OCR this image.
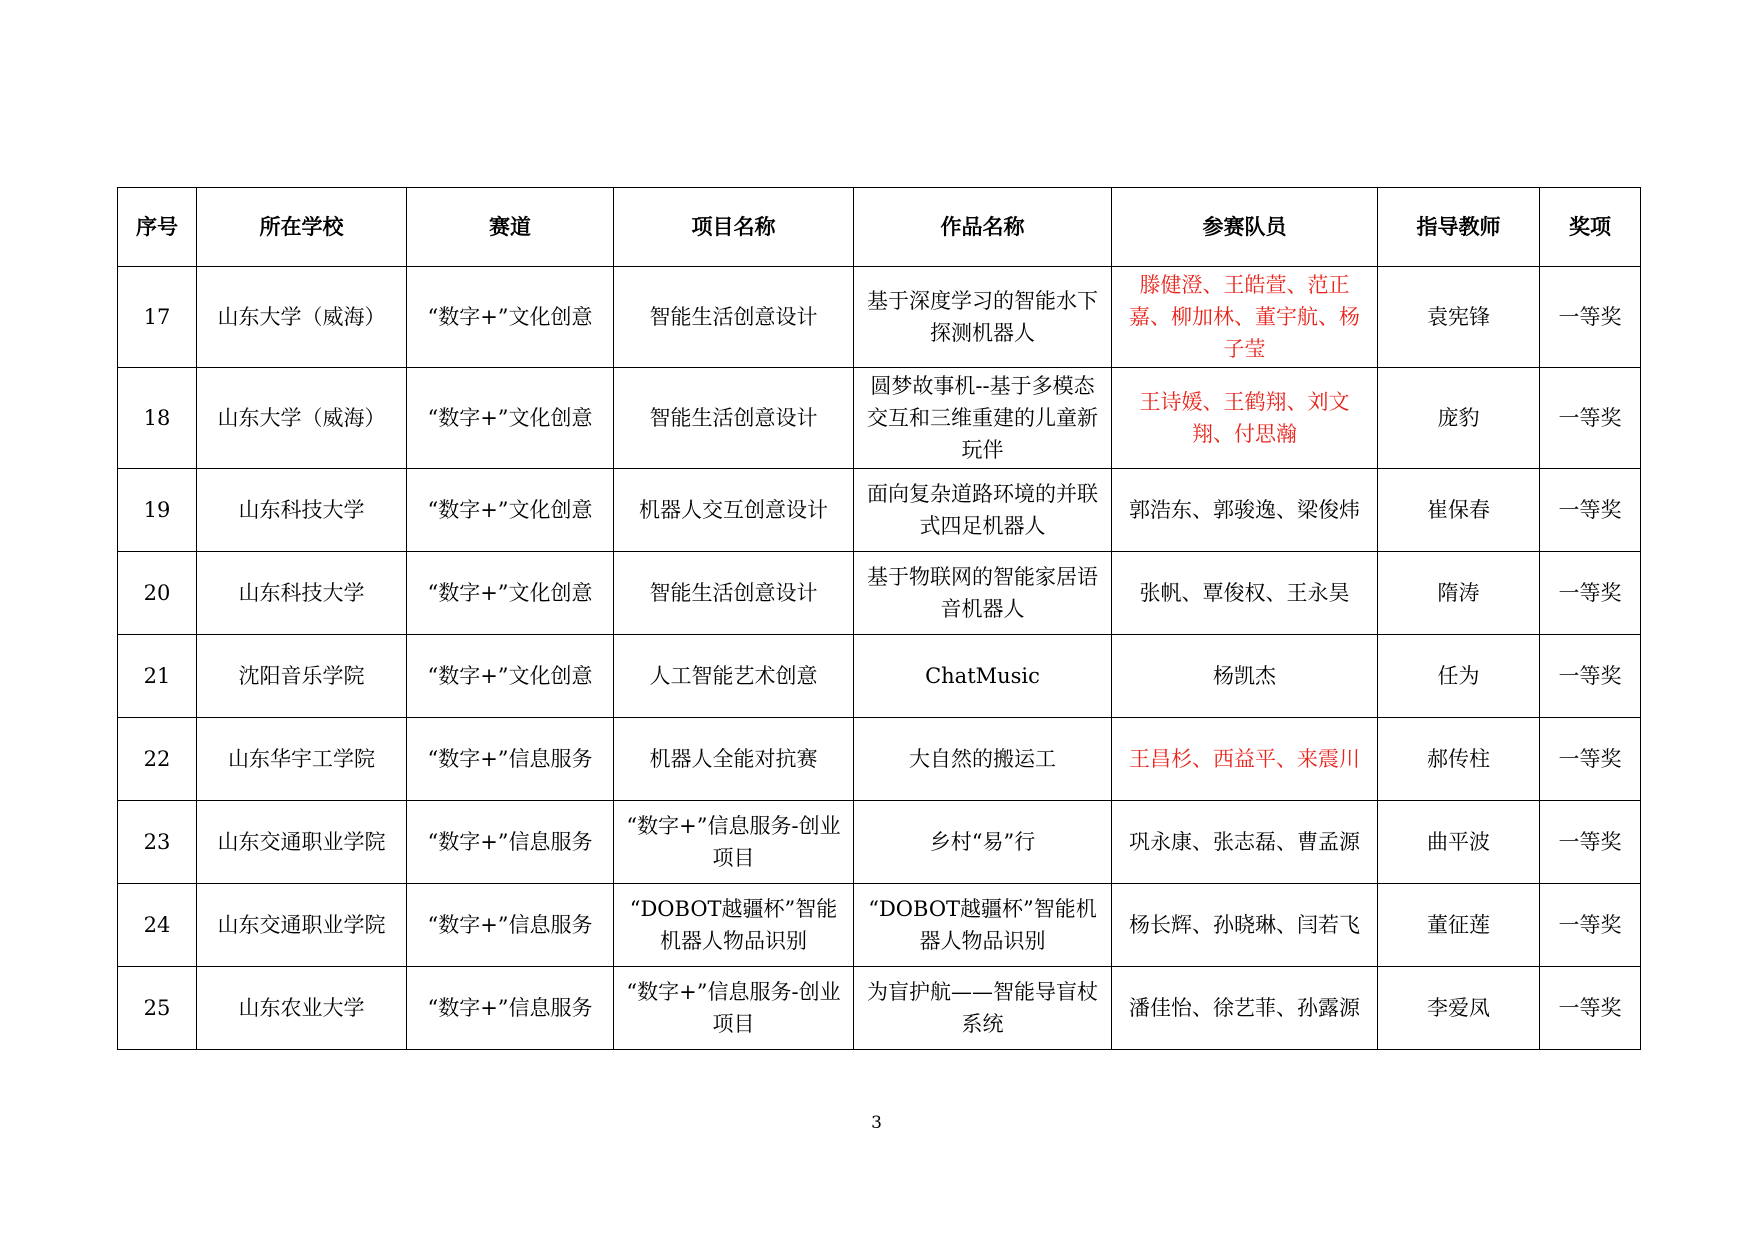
序号	所在学校	赛道	项目名称	作品名称	参赛队员	指导教师	奖项
17	山东大学（威海）	“数字+”文化创意	智能生活创意设计	基于深度学习的智能水下探测机器人	滕健澄、王皓萱、范正嘉、柳加林、董宇航、杨子莹	袁宪锋	一等奖
18	山东大学（威海）	“数字+”文化创意	智能生活创意设计	圆梦故事机--基于多模态交互和三维重建的儿童新玩伴	王诗媛、王鹤翔、刘文翔、付思瀚	庞豹	一等奖
19	山东科技大学	“数字+”文化创意	机器人交互创意设计	面向复杂道路环境的并联式四足机器人	郭浩东、郭骏逸、梁俊炜	崔保春	一等奖
20	山东科技大学	“数字+”文化创意	智能生活创意设计	基于物联网的智能家居语音机器人	张帆、覃俊权、王永昊	隋涛	一等奖
21	沈阳音乐学院	“数字+”文化创意	人工智能艺术创意	ChatMusic	杨凯杰	任为	一等奖
22	山东华宇工学院	“数字+”信息服务	机器人全能对抗赛	大自然的搬运工	王昌杉、西益平、来震川	郝传柱	一等奖
23	山东交通职业学院	“数字+”信息服务	“数字+”信息服务-创业项目	乡村“易”行	巩永康、张志磊、曹孟源	曲平波	一等奖
24	山东交通职业学院	“数字+”信息服务	“DOBOT越疆杯”智能机器人物品识别	“DOBOT越疆杯”智能机器人物品识别	杨长辉、孙晓琳、闫若飞	董征莲	一等奖
25	山东农业大学	“数字+”信息服务	“数字+”信息服务-创业项目	为盲护航——智能导盲杖系统	潘佳怡、徐艺菲、孙露源	李爱凤	一等奖
3
